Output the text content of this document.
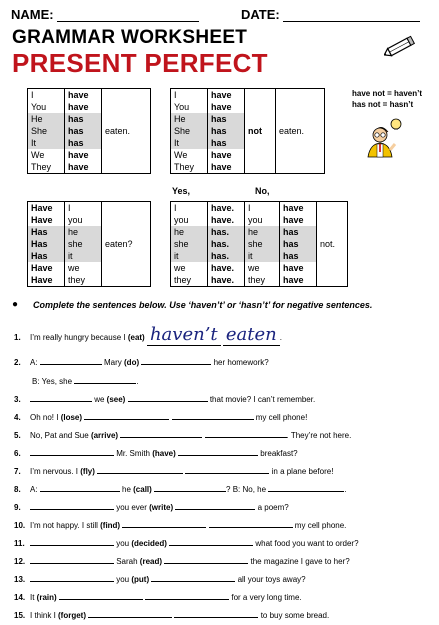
NAME:	DATE:
GRAMMAR WORKSHEET
PRESENT PERFECT
have not = haven’t
has not = hasn’t
I	have	eaten.
You	have	
He	has	
She	has	
It	has	
We	have	
They	have	
I	have	not	eaten.
You	have		
He	has		
She	has		
It	has		
We	have		
They	have		
Yes,	No,
Have	I	eaten?
Have	you	
Has	he	
Has	she	
Has	it	
Have	we	
Have	they	
I	have.	I	have	not.
you	have.	you	have	
he	has.	he	has	
she	has.	she	has	
it	has.	it	has	
we	have.	we	have	
they	have.	they	have	
● Complete the sentences below. Use ‘haven’t’ or ‘hasn’t’ for negative sentences.
1. I’m really hungry because I (eat) haven’t eaten .
2. A:	Mary (do)	her homework?
B: Yes, she	.
3.	we (see)	that movie? I can’t remember.
4. Oh no! I (lose)	my cell phone!
5. No, Pat and Sue (arrive)	. They’re not here.
6.	Mr. Smith (have)	breakfast?
7. I’m nervous. I (fly)	in a plane before!
8. A:	he (call)	? B: No, he	.
9.	you ever (write)	a poem?
10. I’m not happy. I still (find)	my cell phone.
11.	you (decided)	what food you want to order?
12.	Sarah (read)	the magazine I gave to her?
13.	you (put)	all your toys away?
14. It (rain)	for a very long time.
15. I think I (forget)	to buy some bread.
